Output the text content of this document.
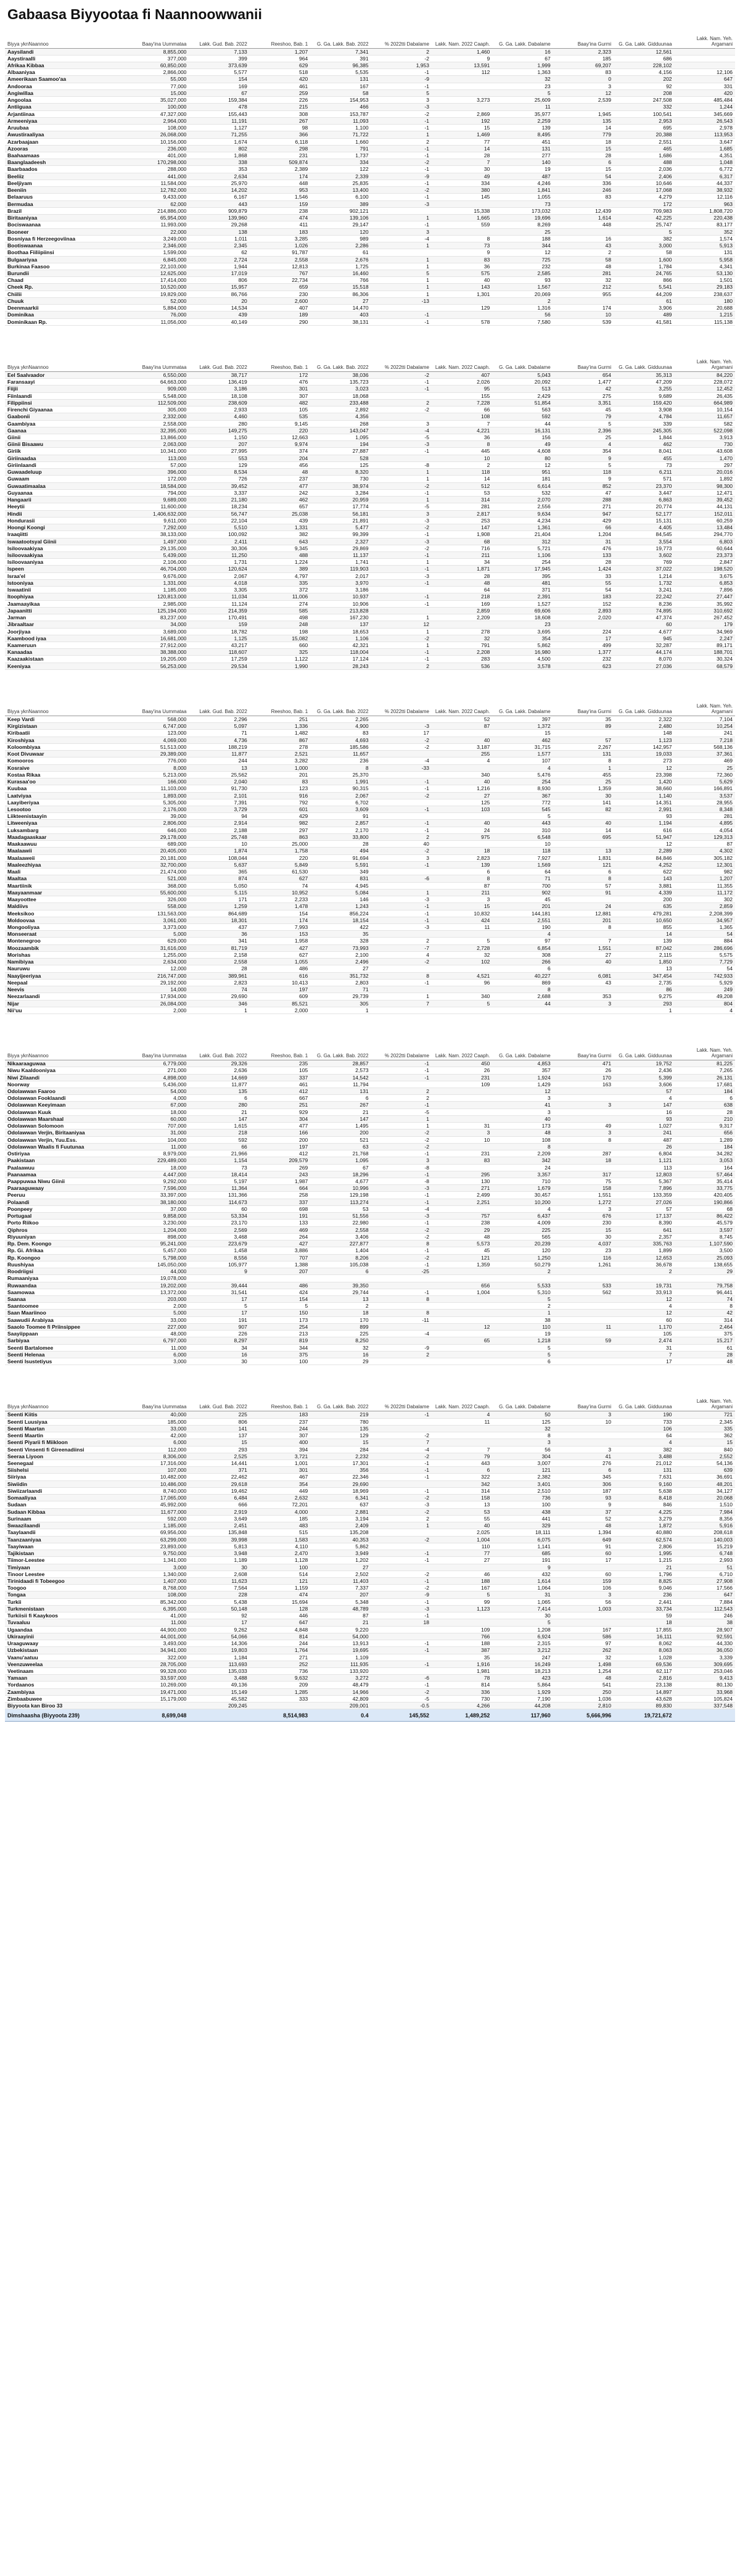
Gabaasa Biyyootaa fi Naannoowwanii
Biyya yknNaannoo	Baay'ina Uummataa	Lakk. Gud. Bab. 2022	Reeshoo, Bab. 1	G. Ga. Lakk. Bab. 2022	% 2022tti Dabalame	Lakk. Nam. 2022 Caaph.	G. Ga. Lakk. Dabalame	Baay'ina Gurmi	G. Ga. Lakk. Gidduunaa	Lakk. Nam. Yeh. Argamani
Aaysilandi	8,855,000	7,133	1,207	7,341	2	1,460	16	2,323	12,561	
Aaystiraalli	377,000	399	964	391	-2	9	67	185	686	
Afrikaa Kibbaa	60,850,000	373,639	629	96,385	1,953	13,591	1,999	69,207	228,102	
Albaaniyaa	2,866,000	5,577	518	5,535	-1	112	1,363	83	4,156	12,106
Ameerikaan Saamoo'aa	55,000	154	420	131	-9		32	0	202	647
Andooraa	77,000	169	461	167	-1		23	3	92	331
Angiwillaa	15,000	67	259	58	5		5	12	208	420
Angoolaa	35,027,000	159,384	226	154,953	3	3,273	25,609	2,539	247,508	485,484
Antiiguaa	100,000	478	215	466	-3		11		332	1,244
Arjantiinaa	47,327,000	155,443	308	153,787	-2	2,869	35,977	1,945	100,541	345,669
Armeeniyaa	2,964,000	11,191	267	11,093	-1	192	2,259	135	2,953	26,543
Aruubaa	108,000	1,127	98	1,100	-1	15	139	14	695	2,978
Awustiraaliyaa	26,068,000	71,255	366	71,722	1	1,469	8,495	779	20,388	113,953
Azarbaajaan	10,156,000	1,674	6,118	1,660	2	77	451	18	2,551	3,647
Azooras	236,000	802	298	791	-1	14	131	15	465	1,685
Baahaamaas	401,000	1,868	231	1,737	-1	28	277	28	1,686	4,351
Baanglaadeesh	170,298,000	338	509,874	334	-2	7	140	6	488	1,048
Baarbaados	288,000	353	2,389	122	-1	30	19	15	2,036	6,772
Beeliiz	441,000	2,634	174	2,339	-9	49	487	54	2,406	6,317
Beeljiyam	11,584,000	25,970	448	25,835	-1	334	4,246	336	10,646	44,337
Beeniin	12,782,000	14,202	953	13,400	-2	380	1,841	246	17,068	38,932
Belaaruus	9,433,000	6,167	1,546	6,100	-1	145	1,055	83	4,279	12,116
Bermudaa	62,000	443	159	389	-3		73		172	963
Brazil	214,886,000	909,879	238	902,121		15,338	173,032	12,439	709,983	1,808,720
Biritaaniyaa	65,954,000	139,960	474	139,106	1	1,665	19,696	1,614	42,225	220,438
Bociswaanaa	11,993,000	29,268	411	29,147	-1	559	8,269	448	25,747	83,177
Booneer	22,000	138	183	120	3		25		5	352
Bosniyaa fi Herzeegoviinaa	3,249,000	1,011	3,285	989	-4	8	188	16	382	1,574
Bootiswaanaa	2,346,000	2,345	1,026	2,286	1	73	344	43	3,000	5,913
Boothaa Fiiliipiinsi	1,599,000	62	91,787	61		9	12	2	58	131
Bulgaariyaa	6,845,000	2,724	2,558	2,676	1	83	725	58	1,600	5,958
Burkinaa Faasoo	22,103,000	1,944	12,813	1,725	1	36	232	48	1,784	4,341
Burundii	12,625,000	17,019	767	16,460	5	575	2,585	281	24,765	53,130
Chaad	17,414,000	806	22,734	766	1	40	93	32	866	1,501
Cheek Rp.	10,520,000	15,957	659	15,518	1	143	1,567	212	5,541	29,183
Chiilii	19,829,000	86,766	230	86,306	1	1,301	20,069	955	44,209	238,637
Chuuk	52,000	20	2,600	27	-13		2		61	180
Deenmaarkii	5,884,000	14,534	407	14,470		129	1,316	174	3,906	20,688
Dominikaa	76,000	439	189	403	-1		56	10	489	1,215
Dominikaan Rp.	11,056,000	40,149	290	38,131	-1	578	7,580	539	41,581	115,138

Biyya yknNaannoo	Baay'ina Uummataa	Lakk. Gud. Bab. 2022	Reeshoo, Bab. 1	G. Ga. Lakk. Bab. 2022	% 2022tti Dabalame	Lakk. Nam. 2022 Caaph.	G. Ga. Lakk. Dabalame	Baay'ina Gurmi	G. Ga. Lakk. Gidduunaa	Lakk. Nam. Yeh. Argamani
Eel Saalvaador	6,550,000	38,717	172	38,036	-2	407	5,043	654	35,313	84,220
Faransaayi	64,663,000	136,419	476	135,723	-1	2,026	20,092	1,477	47,209	228,072
Fiijii	909,000	3,186	301	3,023	-1	95	513	42	3,255	12,452
Fiinlaandi	5,548,000	18,108	307	18,068		155	2,429	275	9,689	26,435
Filippiinsi	112,509,000	238,609	482	233,488	2	7,228	51,854	3,351	159,420	664,989
Firenchi Giyaanaa	305,000	2,933	105	2,892	-2	66	563	45	3,908	10,154
Gaabonii	2,332,000	4,460	535	4,356		108	592	79	4,784	11,657
Gaambiyaa	2,558,000	280	9,145	268	3	7	44	5	339	582
Gaanaa	32,395,000	149,275	220	143,047	-4	4,221	16,131	2,396	245,305	522,098
Giinii	13,866,000	1,150	12,663	1,095	-5	36	156	25	1,844	3,913
Giinii Bisaawu	2,063,000	207	9,974	194	-3	8	49	4	462	730
Giriik	10,341,000	27,995	374	27,887	-1	445	4,608	354	8,041	43,608
Giriinaadaa	113,000	553	204	528		10	80	9	455	1,470
Giriinlaandi	57,000	129	456	125	-8	2	12	5	73	297
Guwaadeluup	396,000	8,534	48	8,320	1	118	951	118	6,211	20,016
Guwaam	172,000	726	237	730	1	14	181	9	571	1,892
Guwaatimaalaa	18,584,000	39,452	477	38,974	-2	512	6,614	852	23,370	98,300
Guyaanaa	794,000	3,337	242	3,284	-1	53	532	47	3,447	12,471
Hangaarii	9,689,000	21,180	462	20,959	1	314	2,070	288	6,863	39,452
Heeytii	11,600,000	18,234	657	17,774	-5	281	2,556	271	20,774	44,131
Hindii	1,406,632,000	56,747	25,038	56,181	3	2,817	9,634	947	52,177	152,011
Hondurasii	9,611,000	22,104	439	21,891	-3	253	4,234	429	15,131	60,259
Hoongi Koongi	7,292,000	5,510	1,331	5,477	-2	147	1,361	66	4,405	13,484
Iraaqiitti	38,133,000	100,092	382	99,399	-1	1,908	21,404	1,204	84,545	294,770
Iswaatootsyal Giinii	1,497,000	2,411	643	2,327	-3	68	312	31	3,554	6,803
Isiloovaakiyaa	29,135,000	30,306	9,345	29,869	-2	716	5,721	476	19,773	60,644
Isiloovaakiyaa	5,439,000	11,250	488	11,137	-1	211	1,106	133	3,602	23,373
Isiloovaaniyaa	2,106,000	1,731	1,224	1,741	1	34	254	28	769	2,847
Ispeen	46,704,000	120,624	389	119,903	-1	1,871	17,945	1,424	37,022	198,520
Israa'el	9,676,000	2,067	4,797	2,017	-3	28	395	33	1,214	3,675
Istooniyaa	1,331,000	4,018	335	3,970	-1	48	481	55	1,732	6,853
Iswaatinii	1,185,000	3,305	372	3,186		64	371	54	3,241	7,896
Itoophiyaa	120,813,000	11,034	11,006	10,937	-1	218	2,391	183	22,242	27,447
Jaamaayikaa	2,985,000	11,124	274	10,906	-1	169	1,527	152	8,236	35,992
Japaanitti	125,194,000	214,359	585	213,828		2,859	69,606	2,893	74,895	310,692
Jarman	83,237,000	170,491	498	167,230	1	2,209	18,608	2,020	47,374	267,452
Jibraaltaar	34,000	159	248	137	12		23		60	179
Joorjiyaa	3,689,000	18,782	198	18,653	1	278	3,695	224	4,677	34,969
Kaambood iyaa	16,681,000	1,125	15,082	1,106	-2	32	354	17	945	2,247
Kaameruun	27,912,000	43,217	660	42,321	1	791	5,862	499	32,287	89,171
Kanaadaa	38,388,000	118,607	325	118,004	-1	2,208	16,980	1,377	44,174	188,701
Kaazaakistaan	19,205,000	17,259	1,122	17,124	-1	283	4,500	232	8,070	30,324
Keeniyaa	56,253,000	29,534	1,990	28,243	2	536	3,578	623	27,036	68,579

Biyya yknNaannoo	Baay'ina Uummataa	Lakk. Gud. Bab. 2022	Reeshoo, Bab. 1	G. Ga. Lakk. Bab. 2022	% 2022tti Dabalame	Lakk. Nam. 2022 Caaph.	G. Ga. Lakk. Dabalame	Baay'ina Gurmi	G. Ga. Lakk. Gidduunaa	Lakk. Nam. Yeh. Argamani
Keep Vardi	568,000	2,296	251	2,265		52	397	35	2,322	7,104
Kirgizistaan	6,747,000	5,097	1,336	4,900	-3	87	1,372	89	2,480	10,254
Kiribaatii	123,000	71	1,482	83	17		15		148	241
Kiroshiyaa	4,069,000	4,736	867	4,693	-2	40	462	57	1,123	7,218
Koloombiyaa	51,513,000	188,219	278	185,586	-2	3,187	31,715	2,267	142,957	568,136
Koot Divuwaar	29,389,000	11,877	2,521	11,657		255	1,577	131	19,033	37,361
Komooros	776,000	244	3,282	236	-4	4	107	8	273	469
Kosraive	8,000	13	1,000	8	-33		4	1	12	25
Kostaa Rikaa	5,213,000	25,562	201	25,370		340	5,476	455	23,398	72,360
Kurasaa'oo	166,000	2,040	83	1,991	-1	40	254	25	1,420	5,629
Kuubaa	11,103,000	91,730	123	90,315	-1	1,216	8,930	1,359	38,660	166,891
Laatviyaa	1,893,000	2,101	916	2,067	-2	27	367	30	1,140	3,537
Laayiberiyaa	5,305,000	7,391	792	6,702		125	772	141	14,351	28,955
Lesootoo	2,176,000	3,729	601	3,609	-1	103	545	82	2,991	8,348
Liikteenistaayin	39,000	94	429	91			5		93	281
Litweeniyaa	2,806,000	2,914	982	2,857	-1	40	443	40	1,194	4,895
Luksambarg	646,000	2,188	297	2,170	-1	24	310	14	616	4,054
Maadagaaskaar	29,178,000	25,748	863	33,800	2	975	6,548	695	51,947	129,313
Maakaawuu	689,000	10	25,000	28	40		10		12	87
Maalaawii	20,405,000	1,874	1,758	494	-2	18	118	13	2,289	4,302
Maalaaweii	20,181,000	108,044	220	91,694	3	2,823	7,927	1,831	84,846	305,182
Maaleezhiyaa	32,700,000	5,637	5,849	5,591	-1	139	1,569	121	4,252	12,301
Maali	21,474,000	365	61,530	349		6	64	6	622	982
Maaltaa	521,000	874	627	831	-6	8	71	8	143	1,207
Maartiinik	368,000	5,050	74	4,945		87	700	57	3,881	11,355
Maayaanmaar	55,600,000	5,115	10,952	5,084	1	211	902	91	4,339	11,172
Maayoottee	326,000	171	2,233	146	-3	3	45		200	302
Maldiivs	558,000	1,259	1,478	1,243	-1	15	201	24	635	2,859
Meeksikoo	131,563,000	864,689	154	856,224	-1	10,832	144,181	12,881	479,281	2,208,399
Moldoovaa	3,061,000	18,301	174	18,154	-1	424	2,551	201	10,650	34,957
Mongooliyaa	3,373,000	437	7,993	422	-3	11	190	8	855	1,365
Monseeraat	5,000	36	153	35			4		14	54
Montenegroo	629,000	341	1,958	328	2	5	97	7	139	884
Moozaambik	31,616,000	81,719	427	73,993	-7	2,728	6,854	1,551	87,042	286,696
Morishas	1,255,000	2,158	627	2,100	4	32	308	27	2,115	5,575
Namibiyaa	2,634,000	2,558	1,055	2,496	-2	102	266	40	1,850	7,729
Nauruwu	12,000	28	486	27			6		13	54
Naayijeeriyaa	216,747,000	389,961	616	351,732	8	4,521	40,227	6,081	347,454	742,933
Neepaal	29,192,000	2,823	10,413	2,803	-1	96	869	43	2,735	5,929
Neevis	14,000	74	197	71			8		86	249
Neezarlaandi	17,934,000	29,690	609	29,739	1	340	2,688	353	9,275	49,208
Nijar	26,084,000	346	85,521	305	7	5	44	3	293	804
Niiʼuu	2,000	1	2,000	1					1	4

Biyya yknNaannoo	Baay'ina Uummataa	Lakk. Gud. Bab. 2022	Reeshoo, Bab. 1	G. Ga. Lakk. Bab. 2022	% 2022tti Dabalame	Lakk. Nam. 2022 Caaph.	G. Ga. Lakk. Dabalame	Baay'ina Gurmi	G. Ga. Lakk. Gidduunaa	Lakk. Nam. Yeh. Argamani
Nikaaraaguwaa	6,779,000	29,326	235	28,857	-1	450	4,853	471	19,752	81,225
Niwu Kaaldooniyaa	271,000	2,636	105	2,573	-1	26	357	26	2,436	7,265
Niwi Zilaandi	4,898,000	14,669	337	14,542	-1	231	1,924	170	5,399	26,131
Noorway	5,436,000	11,877	461	11,794		109	1,429	163	3,606	17,681
Odolawwan Faaroo	54,000	135	412	131	2		12		57	184
Odolawwan Fooklaandi	4,000	6	667	6	2		3		4	6
Odolawwan Keeyimaan	67,000	280	251	267	-1		41	3	147	638
Odolawwan Kuuk	18,000	21	929	21	-5		3		16	28
Odolawwan Maarshaal	60,000	147	304	147	1		40		93	210
Odolawwan Solomoon	707,000	1,615	477	1,495	1	31	173	49	1,027	9,317
Odolawwan Verjin, Biritaaniyaa	31,000	218	166	200	-2	3	48	3	241	656
Odolawwan Verjin, Yuu.Ess.	104,000	592	200	521	-2	10	108	8	487	1,289
Odolawwan Waalis fi Fuutunaa	11,000	66	197	63	-2		8		26	184
Ostiriyaa	8,979,000	21,966	412	21,768	-1	231	2,209	287	6,804	34,282
Paakistaan	229,489,000	1,154	209,579	1,095	3	83	342	18	1,121	3,053
Paalaawuu	18,000	73	269	67	-8		24		113	164
Paanaamaa	4,447,000	18,414	243	18,296	-1	295	3,357	317	12,803	57,464
Paappuwaa Niwu Giinii	9,292,000	5,197	1,987	4,677	-8	130	710	75	5,367	35,414
Paaraaguwaay	7,596,000	11,364	664	10,996	-3	271	1,679	158	7,896	33,775
Peeruu	33,397,000	131,366	258	129,198	-1	2,499	30,457	1,551	133,359	420,405
Polaandi	38,180,000	114,673	337	113,274	-1	2,251	10,200	1,272	27,026	190,866
Poonpeey	37,000	60	698	53	-4		4	3	57	68
Portugaal	9,858,000	53,334	191	51,556	-3	757	6,437	676	17,137	86,422
Porto Riikoo	3,230,000	23,170	133	22,980	-1	238	4,009	230	8,390	45,579
Qiphros	1,204,000	2,569	469	2,558	-2	29	225	15	641	3,597
Riyuuniyan	898,000	3,468	264	3,406	-2	48	565	30	2,357	8,745
Rp. Dem. Koongo	95,241,000	223,679	427	227,877	8	5,573	20,239	4,037	335,763	1,107,590
Rp. Gi. Afrikaa	5,457,000	1,458	3,886	1,404	-1	45	120	23	1,899	3,500
Rp. Koongoo	5,798,000	8,556	707	8,206	-2	121	1,250	116	12,653	25,093
Ruushiyaa	145,050,000	105,977	1,388	105,038	-1	1,359	50,279	1,261	36,678	138,655
Roodriigsi	44,000	9	207	6	-25		2		2	29
Rumaaniyaa	19,078,000									
Ruwaandaa	19,202,000	39,444	486	39,350		656	5,533	533	19,731	79,758
Saamowaa	13,372,000	31,541	424	29,744	-1	1,004	5,310	562	33,913	96,441
Saanaa	203,000	17	154	13	8		5		12	74
Saantoomee	2,000	5	5	2			2		4	8
Saan Maariinoo	5,000	17	150	18	8		1		12	42
Saawudii Arabiyaa	33,000	191	173	170	-11		38		60	314
Saaolo Toomee fi Priinsippee	227,000	907	254	899		12	110	11	1,170	2,464
Saayiippaan	48,000	226	213	225	-4		19		105	375
Sarbiyaa	6,797,000	8,297	819	8,250		65	1,218	59	2,474	15,217
Seenti Bartalomee	11,000	34	344	32	-9		5		31	61
Seenti Helenaa	6,000	16	375	16	2		5		7	28
Seenti Isustetiyus	3,000	30	100	29			6		17	48

Biyya yknNaannoo	Baay'ina Uummataa	Lakk. Gud. Bab. 2022	Reeshoo, Bab. 1	G. Ga. Lakk. Bab. 2022	% 2022tti Dabalame	Lakk. Nam. 2022 Caaph.	G. Ga. Lakk. Dabalame	Baay'ina Gurmi	G. Ga. Lakk. Gidduunaa	Lakk. Nam. Yeh. Argamani
Seenti Kiitis	40,000	225	183	219	-1	4	50	3	190	721
Seenti Luusiyaa	185,000	806	237	780		11	125	10	733	2,345
Seenti Maartan	33,000	141	244	135			32		106	335
Seenti Maartin	42,000	137	307	129	-2		8		64	362
Seenti Piyarii fi Miikloon	6,000	15	400	15	7		3		4	15
Seenti Vinsenti fi Gireenadiinsi	112,000	293	394	284	-4	7	56	3	382	840
Seeraa Liyoon	8,306,000	2,525	3,721	2,232	-2	79	304	41	3,488	2,552
Seenegaal	17,316,000	14,441	1,001	17,301	-1	443	3,007	276	21,012	54,136
Siishelsi	107,000	371	301	356	-1	6	121	6	131	639
Siiriyaa	10,482,000	22,462	467	22,346	-1	322	2,382	345	7,631	36,691
Siwiidin	10,486,000	29,618	354	29,690		342	3,401	306	9,160	48,201
Siwiizarlaandi	8,740,000	19,462	449	18,969	-1	314	2,510	187	5,638	34,127
Somaaliyaa	17,065,000	6,484	2,632	6,341	-2	158	736	93	8,418	20,068
Sudaan	45,992,000	666	72,201	637	-3	13	100	9	846	1,510
Sudaan Kibbaa	11,677,000	2,919	4,000	2,881	-2	53	438	37	4,225	7,984
Surinaam	592,000	3,649	185	3,194	2	55	441	52	3,279	8,356
Swaazilaandi	1,185,000	2,451	483	2,409	1	40	329	48	1,872	5,916
Taaylaandii	69,956,000	135,848	515	135,208		2,025	18,111	1,394	40,880	208,618
Taanzaaniyaa	63,299,000	39,998	1,583	40,353	-2	1,004	6,075	649	62,574	140,003
Taayiwaan	23,893,000	5,813	4,110	5,862		110	1,141	91	2,806	15,219
Tajikistaan	9,750,000	3,948	2,470	3,949	-1	77	685	60	1,995	6,748
Tiimor-Leestee	1,341,000	1,189	1,128	1,202	-1	27	191	17	1,215	2,993
Timiyaan	3,000	30	100	27			9		21	51
Tinoor Leestee	1,340,000	2,608	514	2,502	-2	46	432	60	1,796	6,710
Tirinidaadi fi Tobeegoo	1,407,000	11,623	121	11,403	-1	188	1,614	159	8,825	27,908
Toogoo	8,768,000	7,564	1,159	7,337	-2	167	1,064	106	9,046	17,566
Tongaa	108,000	228	474	207	-9	5	31	3	236	647
Turkii	85,342,000	5,438	15,694	5,348	-1	99	1,065	56	2,441	7,884
Turkmenistaan	6,395,000	50,148	128	48,789	-3	1,123	7,414	1,003	33,734	112,543
Turkiisii fi Kaaykoos	41,000	92	446	87	-1		30		59	246
Tuvaaluu	11,000	17	647	21	18		5		18	38
Ugaandaa	44,900,000	9,262	4,848	9,220		109	1,208	167	17,855	28,907
Ukiraayinii	44,001,000	54,066	814	54,000		766	6,924	586	16,111	92,591
Uraaguwaay	3,493,000	14,306	244	13,913	-1	188	2,315	97	8,062	44,330
Uzbekistaan	34,941,000	19,803	1,764	19,695	-1	387	3,212	262	8,063	36,050
Vaanu'aatuu	322,000	1,184	271	1,109		35	247	32	1,028	3,339
Veenzuweelaa	28,705,000	113,693	252	111,935	-1	1,916	16,249	1,498	69,536	309,695
Veetinaam	99,328,000	135,033	736	133,920		1,981	18,213	1,254	62,117	253,046
Yamaan	33,597,000	3,488	9,632	3,272	-6	78	423	48	2,816	9,413
Yordaanos	10,269,000	49,136	209	48,479	-1	814	5,864	541	23,138	80,130
Zaambiyaa	19,471,000	15,149	1,285	14,966	-2	336	1,929	250	14,897	33,968
Zimbaabuwee	15,179,000	45,582	333	42,809	-5	730	7,190	1,036	43,628	105,824
Biyyoota kan Biroo 33		209,245		209,001	-0.5	4,266	44,208	2,810	89,830	337,548
Dimshaasha (Biyyoota 239)	8,699,048		8,514,983	0.4	145,552	1,489,252	117,960	5,666,996	19,721,672	
